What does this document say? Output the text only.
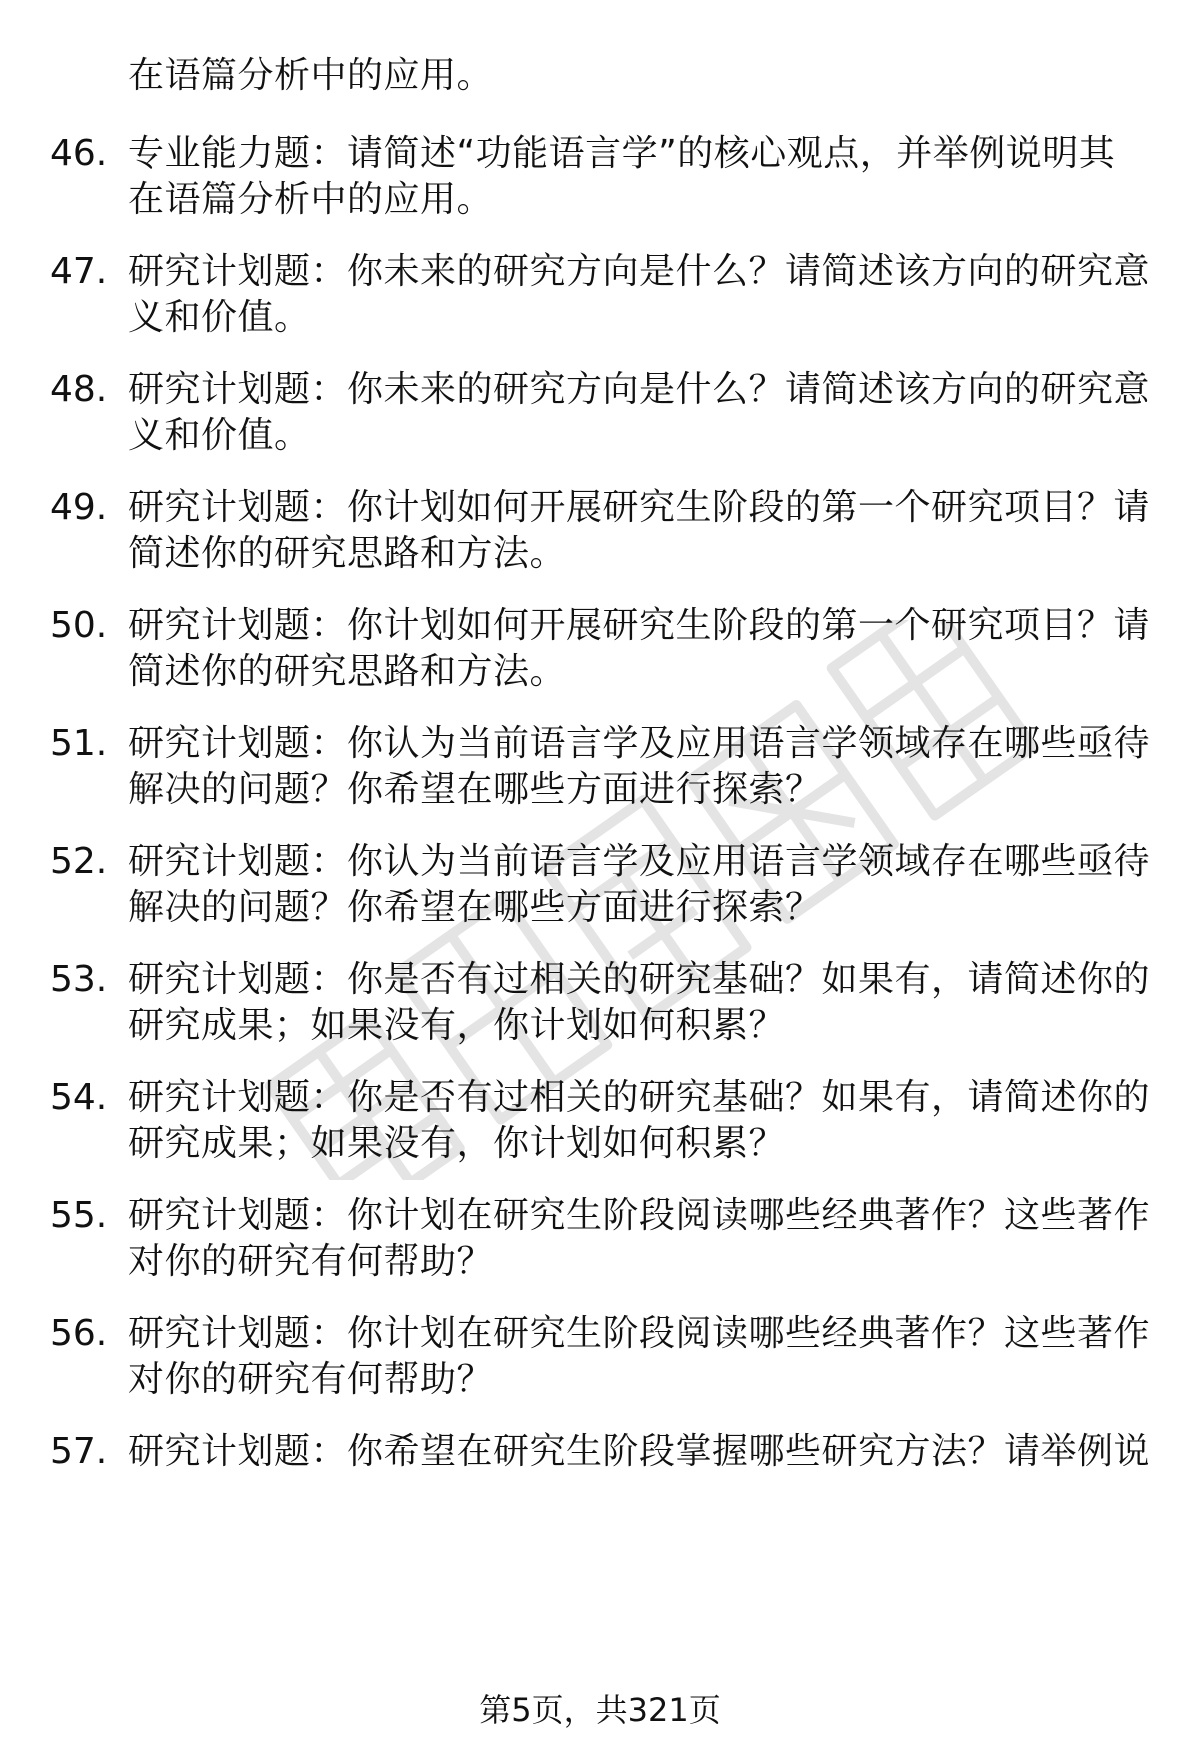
在语篇分析中的应用。
46. 专业能力题：请简述“功能语言学”的核心观点，并举例说明其
在语篇分析中的应用。
47. 研究计划题：你未来的研究方向是什么？请简述该方向的研究意
义和价值。
48. 研究计划题：你未来的研究方向是什么？请简述该方向的研究意
义和价值。
49. 研究计划题：你计划如何开展研究生阶段的第一个研究项目？请
简述你的研究思路和方法。
50. 研究计划题：你计划如何开展研究生阶段的第一个研究项目？请
简述你的研究思路和方法。
51. 研究计划题：你认为当前语言学及应用语言学领域存在哪些亟待
解决的问题？你希望在哪些方面进行探索？
52. 研究计划题：你认为当前语言学及应用语言学领域存在哪些亟待
解决的问题？你希望在哪些方面进行探索？
53. 研究计划题：你是否有过相关的研究基础？如果有，请简述你的
研究成果；如果没有，你计划如何积累？
54. 研究计划题：你是否有过相关的研究基础？如果有，请简述你的
研究成果；如果没有，你计划如何积累？
55. 研究计划题：你计划在研究生阶段阅读哪些经典著作？这些著作
对你的研究有何帮助？
56. 研究计划题：你计划在研究生阶段阅读哪些经典著作？这些著作
对你的研究有何帮助？
57. 研究计划题：你希望在研究生阶段掌握哪些研究方法？请举例说
第5页，共321页
